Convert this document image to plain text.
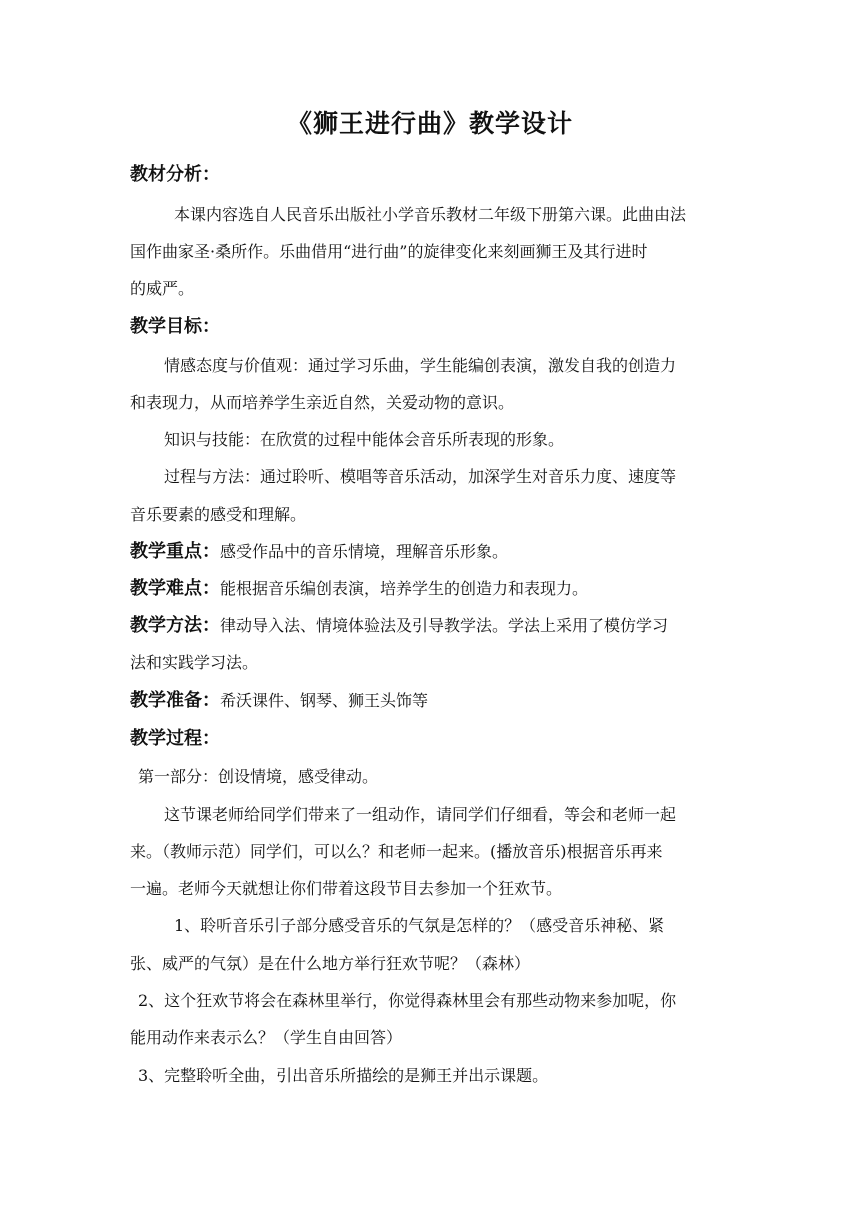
《狮王进行曲》教学设计
教材分析：
本课内容选自人民音乐出版社小学音乐教材二年级下册第六课。此曲由法
国作曲家圣·桑所作。乐曲借用“进行曲”的旋律变化来刻画狮王及其行进时
的威严。
教学目标：
情感态度与价值观：通过学习乐曲，学生能编创表演，激发自我的创造力
和表现力，从而培养学生亲近自然，关爱动物的意识。
知识与技能：在欣赏的过程中能体会音乐所表现的形象。
过程与方法：通过聆听、模唱等音乐活动，加深学生对音乐力度、速度等
音乐要素的感受和理解。
教学重点：感受作品中的音乐情境，理解音乐形象。
教学难点：能根据音乐编创表演，培养学生的创造力和表现力。
教学方法：律动导入法、情境体验法及引导教学法。学法上采用了模仿学习
法和实践学习法。
教学准备：希沃课件、钢琴、狮王头饰等
教学过程：
第一部分：创设情境，感受律动。
这节课老师给同学们带来了一组动作，请同学们仔细看，等会和老师一起
来。（教师示范）同学们，可以么？和老师一起来。(播放音乐)根据音乐再来
一遍。老师今天就想让你们带着这段节目去参加一个狂欢节。
1、聆听音乐引子部分感受音乐的气氛是怎样的？（感受音乐神秘、紧
张、威严的气氛）是在什么地方举行狂欢节呢？（森林）
2、这个狂欢节将会在森林里举行，你觉得森林里会有那些动物来参加呢，你
能用动作来表示么？（学生自由回答）
3、完整聆听全曲，引出音乐所描绘的是狮王并出示课题。
